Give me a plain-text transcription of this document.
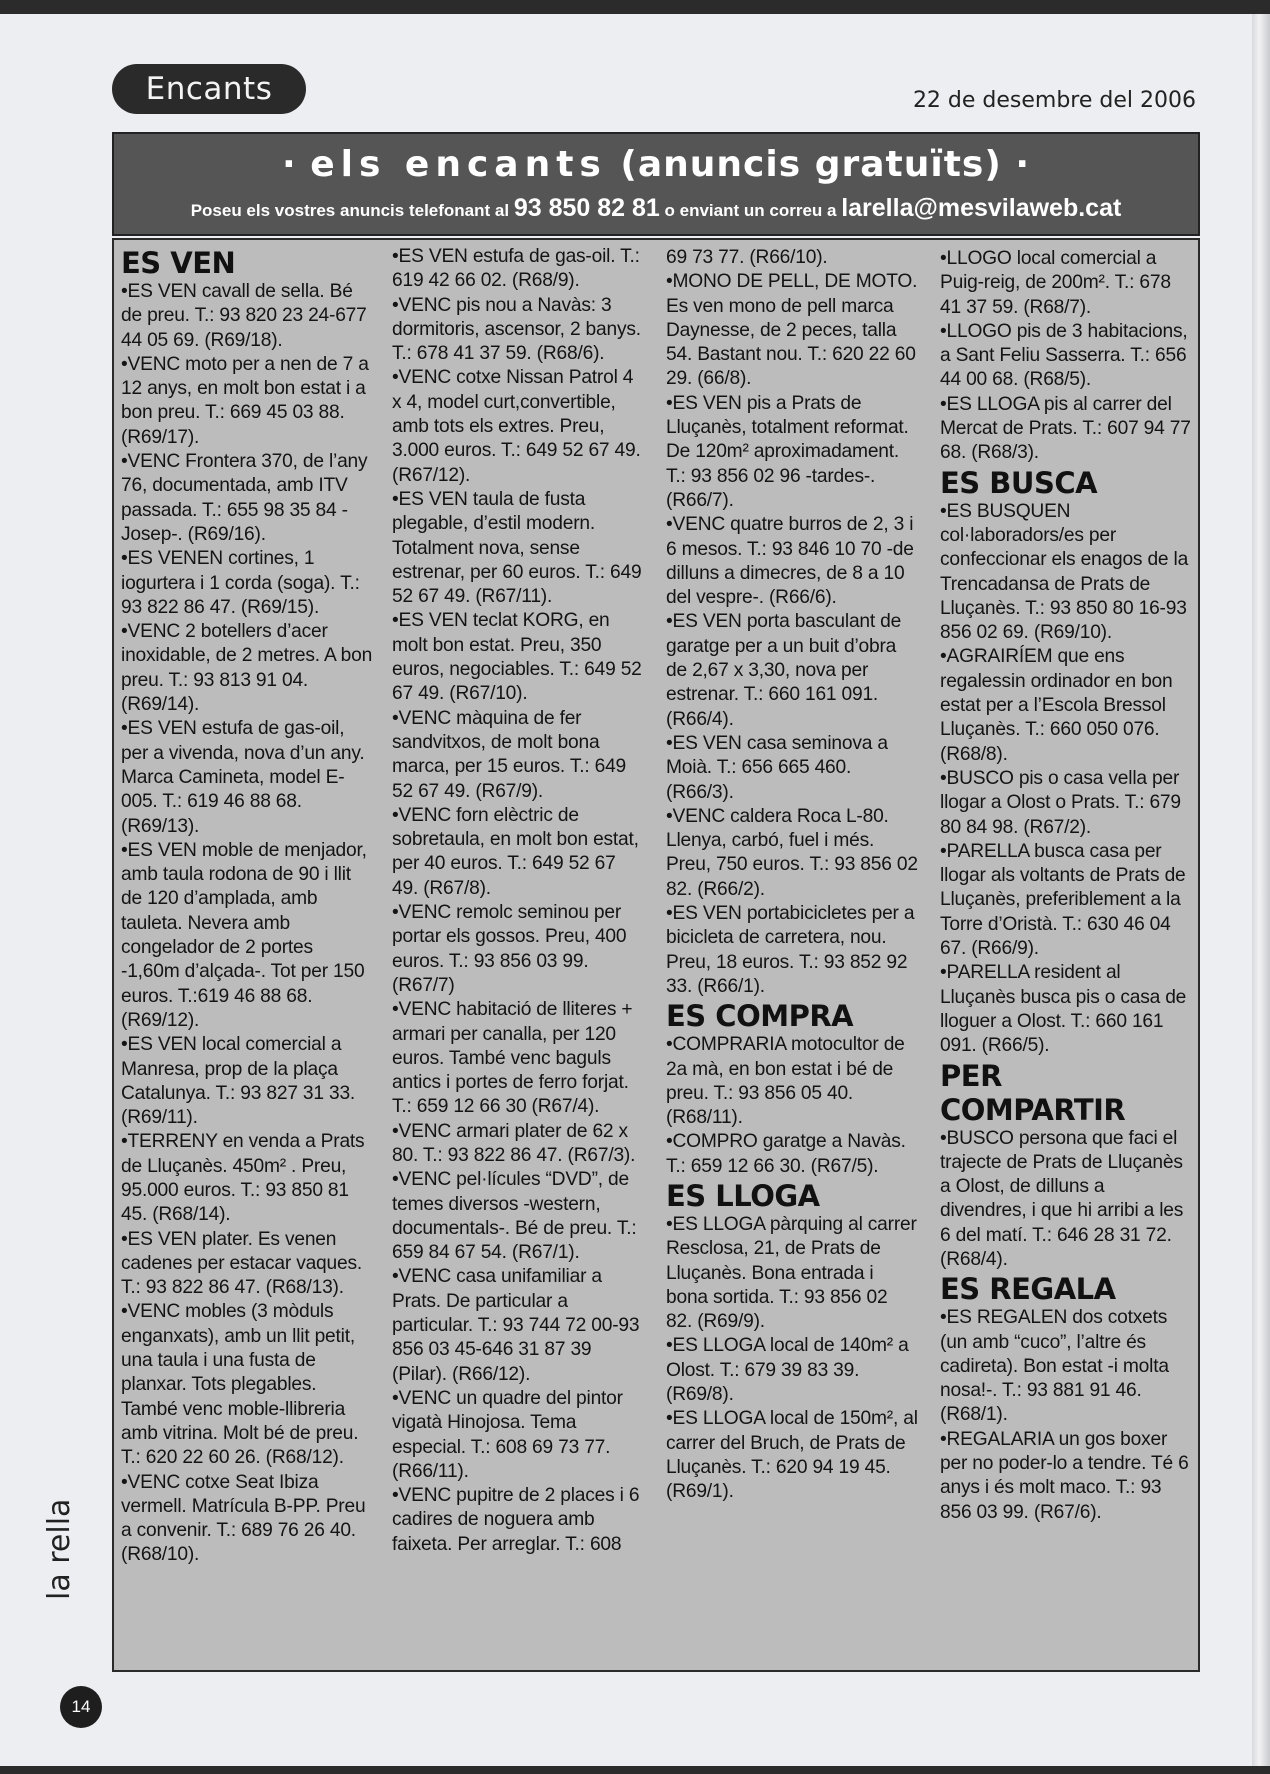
Encants	22 de desembre del 2006
· els encants (anuncis gratuïts) ·
Poseu els vostres anuncis telefonant al 93 850 82 81 o enviant un correu a larella@mesvilaweb.cat

ES VEN

•ES VEN cavall de sella. Bé de preu. T.: 93 820 23 24-677 44 05 69. (R69/18).

•VENC moto per a nen de 7 a 12 anys, en molt bon estat i a bon preu. T.: 669 45 03 88. (R69/17).

•VENC Frontera 370, de l’any 76, documentada, amb ITV passada. T.: 655 98 35 84 -Josep-. (R69/16).

•ES VENEN cortines, 1 iogurtera i 1 corda (soga). T.: 93 822 86 47. (R69/15).

•VENC 2 botellers d’acer inoxidable, de 2 metres. A bon preu. T.: 93 813 91 04. (R69/14).

•ES VEN estufa de gas-oil, per a vivenda, nova d’un any. Marca Camineta, model E-005. T.: 619 46 88 68. (R69/13).

•ES VEN moble de menjador, amb taula rodona de 90 i llit de 120 d’amplada, amb tauleta. Nevera amb congelador de 2 portes -1,60m d’alçada-. Tot per 150 euros. T.:619 46 88 68. (R69/12).

•ES VEN local comercial a Manresa, prop de la plaça Catalunya. T.: 93 827 31 33. (R69/11).

•TERRENY en venda a Prats de Lluçanès. 450m² . Preu, 95.000 euros. T.: 93 850 81 45. (R68/14).

•ES VEN plater. Es venen cadenes per estacar vaques. T.: 93 822 86 47. (R68/13).

•VENC mobles (3 mòduls enganxats), amb un llit petit, una taula i una fusta de planxar. Tots plegables. També venc moble-llibreria amb vitrina. Molt bé de preu. T.: 620 22 60 26. (R68/12).

•VENC cotxe Seat Ibiza vermell. Matrícula B-PP. Preu a convenir. T.: 689 76 26 40. (R68/10).

•ES VEN estufa de gas-oil. T.: 619 42 66 02. (R68/9).

•VENC pis nou a Navàs: 3 dormitoris, ascensor, 2 banys. T.: 678 41 37 59. (R68/6).

•VENC cotxe Nissan Patrol 4 x 4, model curt,convertible, amb tots els extres. Preu, 3.000 euros. T.: 649 52 67 49. (R67/12).

•ES VEN taula de fusta plegable, d’estil modern. Totalment nova, sense estrenar, per 60 euros. T.: 649 52 67 49. (R67/11).

•ES VEN teclat KORG, en molt bon estat. Preu, 350 euros, negociables. T.: 649 52 67 49. (R67/10).

•VENC màquina de fer sandvitxos, de molt bona marca, per 15 euros. T.: 649 52 67 49. (R67/9).

•VENC forn elèctric de sobretaula, en molt bon estat, per 40 euros. T.: 649 52 67 49. (R67/8).

•VENC remolc seminou per portar els gossos. Preu, 400 euros. T.: 93 856 03 99. (R67/7)

•VENC habitació de lliteres + armari per canalla, per 120 euros. També venc baguls antics i portes de ferro forjat. T.: 659 12 66 30 (R67/4).

•VENC armari plater de 62 x 80. T.: 93 822 86 47. (R67/3).

•VENC pel·lícules “DVD”, de temes diversos -western, documentals-. Bé de preu. T.: 659 84 67 54. (R67/1).

•VENC casa unifamiliar a Prats. De particular a particular. T.: 93 744 72 00-93 856 03 45-646 31 87 39 (Pilar). (R66/12).

•VENC un quadre del pintor vigatà Hinojosa. Tema especial. T.: 608 69 73 77. (R66/11).

•VENC pupitre de 2 places i 6 cadires de noguera amb faixeta. Per arreglar. T.: 608

69 73 77. (R66/10).

•MONO DE PELL, DE MOTO. Es ven mono de pell marca Daynesse, de 2 peces, talla 54. Bastant nou. T.: 620 22 60 29. (66/8).

•ES VEN pis a Prats de Lluçanès, totalment reformat. De 120m² aproximadament. T.: 93 856 02 96 -tardes-. (R66/7).

•VENC quatre burros de 2, 3 i 6 mesos. T.: 93 846 10 70 -de dilluns a dimecres, de 8 a 10 del vespre-. (R66/6).

•ES VEN porta basculant de garatge per a un buit d’obra de 2,67 x 3,30, nova per estrenar. T.: 660 161 091. (R66/4).

•ES VEN casa seminova a Moià. T.: 656 665 460. (R66/3).

•VENC caldera Roca L-80. Llenya, carbó, fuel i més. Preu, 750 euros. T.: 93 856 02 82. (R66/2).

•ES VEN portabicicletes per a bicicleta de carretera, nou. Preu, 18 euros. T.: 93 852 92 33. (R66/1).

ES COMPRA

•COMPRARIA motocultor de 2a mà, en bon estat i bé de preu. T.: 93 856 05 40. (R68/11).

•COMPRO garatge a Navàs. T.: 659 12 66 30. (R67/5).

ES LLOGA

•ES LLOGA pàrquing al carrer Resclosa, 21, de Prats de Lluçanès. Bona entrada i bona sortida. T.: 93 856 02 82. (R69/9).

•ES LLOGA local de 140m² a Olost. T.: 679 39 83 39. (R69/8).

•ES LLOGA local de 150m², al carrer del Bruch, de Prats de Lluçanès. T.: 620 94 19 45. (R69/1).

•LLOGO local comercial a Puig-reig, de 200m². T.: 678 41 37 59. (R68/7).

•LLOGO pis de 3 habitacions, a Sant Feliu Sasserra. T.: 656 44 00 68. (R68/5).

•ES LLOGA pis al carrer del Mercat de Prats. T.: 607 94 77 68. (R68/3).

ES BUSCA

•ES BUSQUEN col·laboradors/es per confeccionar els enagos de la Trencadansa de Prats de Lluçanès. T.: 93 850 80 16-93 856 02 69. (R69/10).

•AGRAIRÍEM que ens regalessin ordinador en bon estat per a l’Escola Bressol Lluçanès. T.: 660 050 076. (R68/8).

•BUSCO pis o casa vella per llogar a Olost o Prats. T.: 679 80 84 98. (R67/2).

•PARELLA busca casa per llogar als voltants de Prats de Lluçanès, preferiblement a la Torre d’Oristà. T.: 630 46 04 67. (R66/9).

•PARELLA resident al Lluçanès busca pis o casa de lloguer a Olost. T.: 660 161 091. (R66/5).

PER COMPARTIR

•BUSCO persona que faci el trajecte de Prats de Lluçanès a Olost, de dilluns a divendres, i que hi arribi a les 6 del matí. T.: 646 28 31 72. (R68/4).

ES REGALA

•ES REGALEN dos cotxets (un amb “cuco”, l’altre és cadireta). Bon estat -i molta nosa!-. T.: 93 881 91 46. (R68/1).

•REGALARIA un gos boxer per no poder-lo a tendre. Té 6 anys i és molt maco. T.: 93 856 03 99. (R67/6).

la rella
14
